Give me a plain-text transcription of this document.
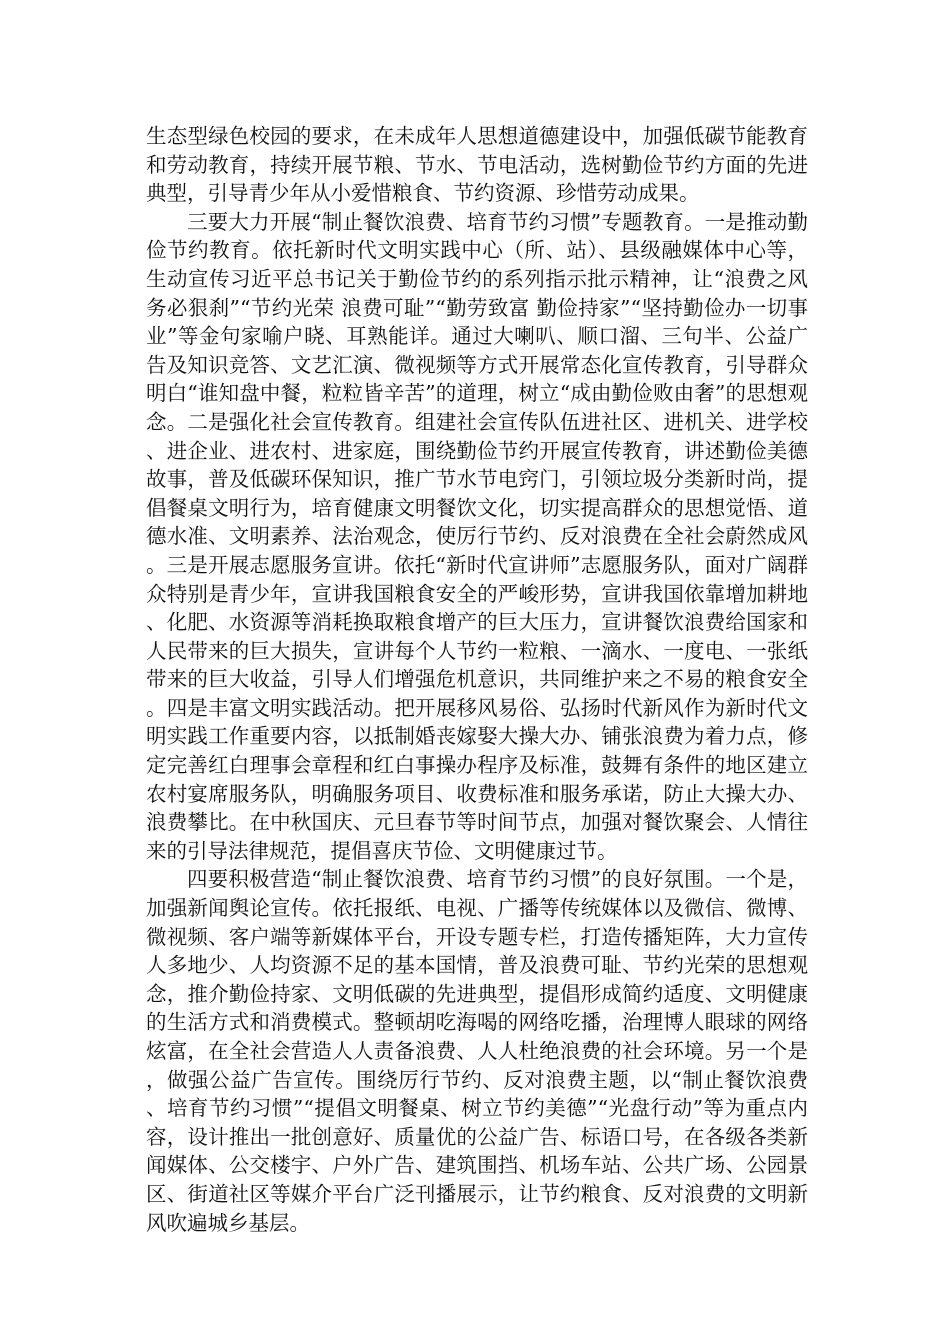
生态型绿色校园的要求，在未成年人思想道德建设中，加强低碳节能教育和劳动教育，持续开展节粮、节水、节电活动，选树勤俭节约方面的先进典型，引导青少年从小爱惜粮食、节约资源、珍惜劳动成果。

三要大力开展“制止餐饮浪费、培育节约习惯”专题教育。一是推动勤俭节约教育。依托新时代文明实践中心（所、站）、县级融媒体中心等，生动宣传习近平总书记关于勤俭节约的系列指示批示精神，让“浪费之风务必狠刹”“节约光荣 浪费可耻”“勤劳致富 勤俭持家”“坚持勤俭办一切事业”等金句家喻户晓、耳熟能详。通过大喇叭、顺口溜、三句半、公益广告及知识竞答、文艺汇演、微视频等方式开展常态化宣传教育，引导群众明白“谁知盘中餐，粒粒皆辛苦”的道理，树立“成由勤俭败由奢”的思想观念。二是强化社会宣传教育。组建社会宣传队伍进社区、进机关、进学校、进企业、进农村、进家庭，围绕勤俭节约开展宣传教育，讲述勤俭美德故事，普及低碳环保知识，推广节水节电窍门，引领垃圾分类新时尚，提倡餐桌文明行为，培育健康文明餐饮文化，切实提高群众的思想觉悟、道德水准、文明素养、法治观念，使厉行节约、反对浪费在全社会蔚然成风。三是开展志愿服务宣讲。依托“新时代宣讲师”志愿服务队，面对广阔群众特别是青少年，宣讲我国粮食安全的严峻形势，宣讲我国依靠增加耕地、化肥、水资源等消耗换取粮食增产的巨大压力，宣讲餐饮浪费给国家和人民带来的巨大损失，宣讲每个人节约一粒粮、一滴水、一度电、一张纸带来的巨大收益，引导人们增强危机意识，共同维护来之不易的粮食安全。四是丰富文明实践活动。把开展移风易俗、弘扬时代新风作为新时代文明实践工作重要内容，以抵制婚丧嫁娶大操大办、铺张浪费为着力点，修定完善红白理事会章程和红白事操办程序及标准，鼓舞有条件的地区建立农村宴席服务队，明确服务项目、收费标准和服务承诺，防止大操大办、浪费攀比。在中秋国庆、元旦春节等时间节点，加强对餐饮聚会、人情往来的引导法律规范，提倡喜庆节俭、文明健康过节。

四要积极营造“制止餐饮浪费、培育节约习惯”的良好氛围。一个是，加强新闻舆论宣传。依托报纸、电视、广播等传统媒体以及微信、微博、微视频、客户端等新媒体平台，开设专题专栏，打造传播矩阵，大力宣传人多地少、人均资源不足的基本国情，普及浪费可耻、节约光荣的思想观念，推介勤俭持家、文明低碳的先进典型，提倡形成简约适度、文明健康的生活方式和消费模式。整顿胡吃海喝的网络吃播，治理博人眼球的网络炫富，在全社会营造人人责备浪费、人人杜绝浪费的社会环境。另一个是，做强公益广告宣传。围绕厉行节约、反对浪费主题，以“制止餐饮浪费、培育节约习惯”“提倡文明餐桌、树立节约美德”“光盘行动”等为重点内容，设计推出一批创意好、质量优的公益广告、标语口号，在各级各类新闻媒体、公交楼宇、户外广告、建筑围挡、机场车站、公共广场、公园景区、街道社区等媒介平台广泛刊播展示，让节约粮食、反对浪费的文明新风吹遍城乡基层。
